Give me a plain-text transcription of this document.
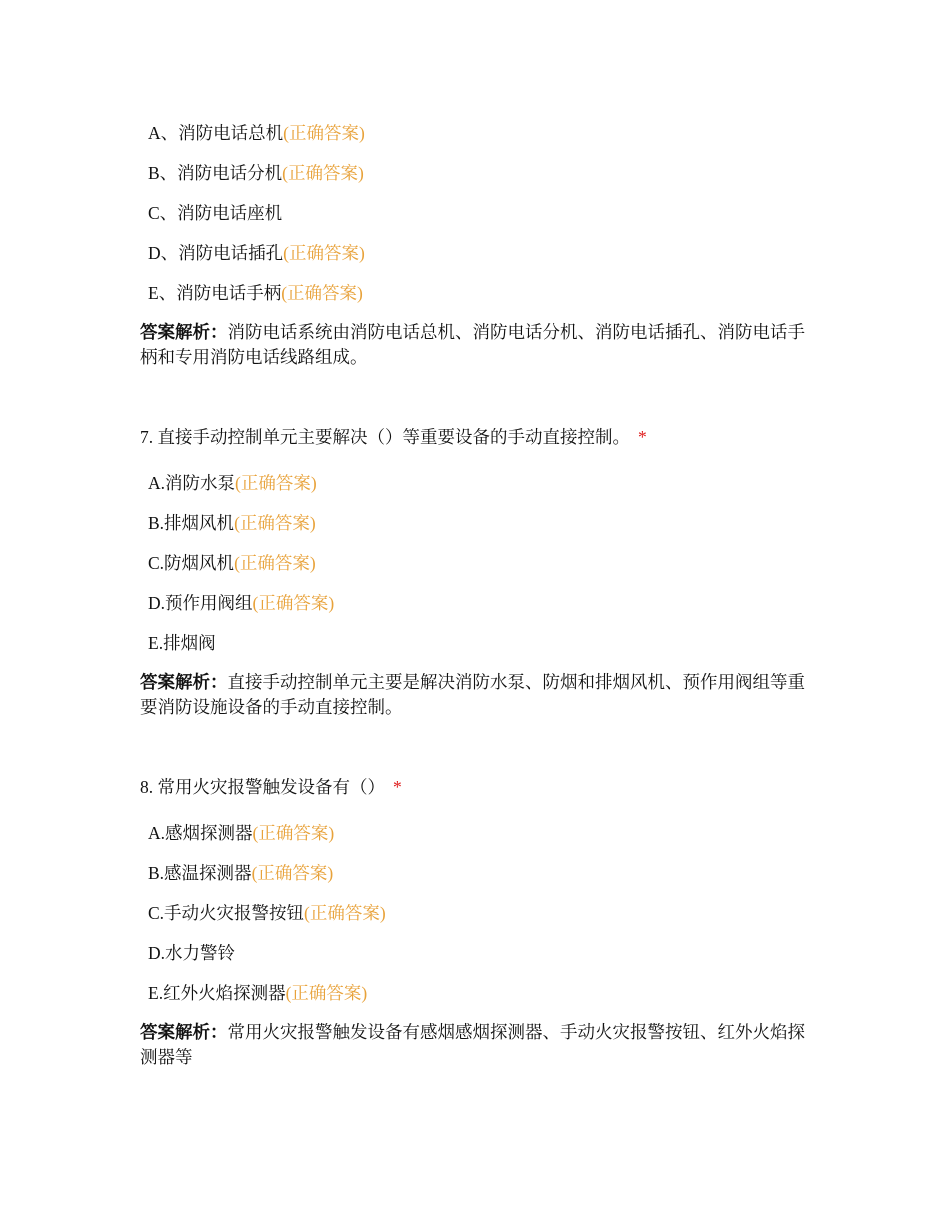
A、消防电话总机(正确答案)
B、消防电话分机(正确答案)
C、消防电话座机
D、消防电话插孔(正确答案)
E、消防电话手柄(正确答案)
答案解析：消防电话系统由消防电话总机、消防电话分机、消防电话插孔、消防电话手柄和专用消防电话线路组成。
7. 直接手动控制单元主要解决（）等重要设备的手动直接控制。 *
A.消防水泵(正确答案)
B.排烟风机(正确答案)
C.防烟风机(正确答案)
D.预作用阀组(正确答案)
E.排烟阀
答案解析：直接手动控制单元主要是解决消防水泵、防烟和排烟风机、预作用阀组等重要消防设施设备的手动直接控制。
8. 常用火灾报警触发设备有（） *
A.感烟探测器(正确答案)
B.感温探测器(正确答案)
C.手动火灾报警按钮(正确答案)
D.水力警铃
E.红外火焰探测器(正确答案)
答案解析：常用火灾报警触发设备有感烟感烟探测器、手动火灾报警按钮、红外火焰探测器等
